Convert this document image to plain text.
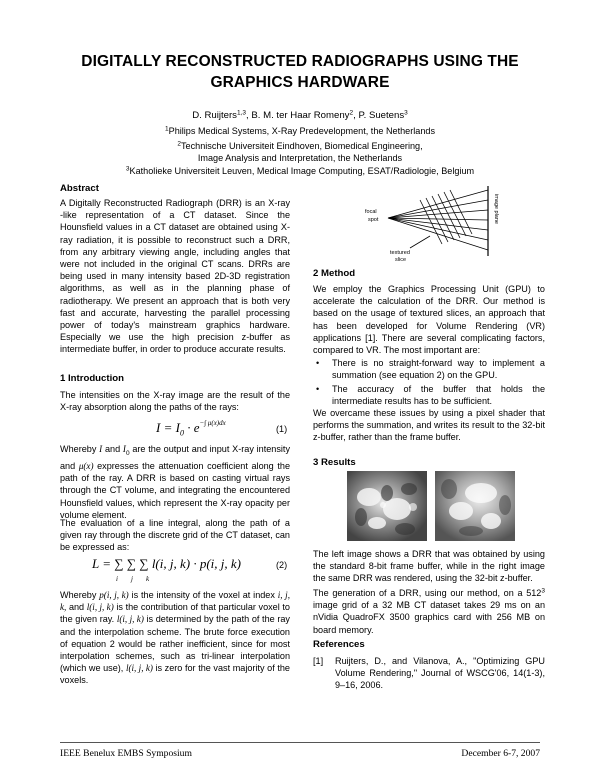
DIGITALLY RECONSTRUCTED RADIOGRAPHS USING THE GRAPHICS HARDWARE
D. Ruijters$^{1,3}$, B. M. ter Haar Romeny$^2$, P. Suetens$^3$
$^1$Philips Medical Systems, X-Ray Predevelopment, the Netherlands
$^2$Technische Universiteit Eindhoven, Biomedical Engineering,
Image Analysis and Interpretation, the Netherlands
$^3$Katholieke Universiteit Leuven, Medical Image Computing, ESAT/Radiologie, Belgium
Abstract

A Digitally Reconstructed Radiograph (DRR) is an X-ray -like representation of a CT dataset. Since the Hounsfield values in a CT dataset are obtained using X-ray radiation, it is possible to reconstruct such a DRR, from any arbitrary viewing angle, including angles that were not included in the original CT scans. DRRs are being used in many intensity based 2D-3D registration algorithms, as well as in the planning phase of radiotherapy. We present an approach that is both very fast and accurate, harvesting the parallel processing power of today's mainstream graphics hardware. Especially we use the high precision z-buffer as intermediate buffer, in order to produce accurate results.

1 Introduction

The intensities on the X-ray image are the result of the X-ray absorption along the paths of the rays:

$I = I_0 \cdot e^{-\int \mu(x)dx}$
(1)

Whereby I and $I_0$ are the output and input X-ray intensity and μ(x) expresses the attenuation coefficient along the path of the ray. A DRR is based on casting virtual rays through the CT volume, and integrating the encountered Hounsfield values, which represent the X-ray opacity per volume element.

The evaluation of a line integral, along the path of a given ray through the discrete grid of the CT dataset, can be expressed as:

L = ∑ ∑ ∑ l(i, j, k) · p(i, j, k)
i j k
(2)

Whereby p(i, j, k) is the intensity of the voxel at index i, j, k, and l(i, j, k) is the contribution of that particular voxel to the given ray. l(i, j, k) is determined by the path of the ray and the interpolation scheme. The brute force execution of equation 2 would be rather inefficient, since for most interpolation schemes, such as tri-linear interpolation (which we use), l(i, j, k) is zero for the vast majority of the voxels.

focal
spot
textured
slice
image plane
2 Method

We employ the Graphics Processing Unit (GPU) to accelerate the calculation of the DRR. Our method is based on the usage of textured slices, an approach that has been developed for Volume Rendering (VR) applications [1]. There are several complicating factors, compared to VR. The most important are:

• There is no straight-forward way to implement a summation (see equation 2) on the GPU.

• The accuracy of the buffer that holds the intermediate results has to be sufficient.

We overcame these issues by using a pixel shader that performs the summation, and writes its result to the 32-bit z-buffer, rather than the frame buffer.

3 Results

The left image shows a DRR that was obtained by using the standard 8-bit frame buffer, while in the right image the same DRR was rendered, using the 32-bit z-buffer.

The generation of a DRR, using our method, on a $512^3$ image grid of a 32 MB CT dataset takes 29 ms on an nVidia QuadroFX 3500 graphics card with 256 MB on board memory.

References
[1]	Ruijters, D., and Vilanova, A., "Optimizing GPU Volume Rendering," Journal of WSCG'06, 14(1-3), 9–16, 2006.

IEEE Benelux EMBS Symposium	December 6-7, 2007
